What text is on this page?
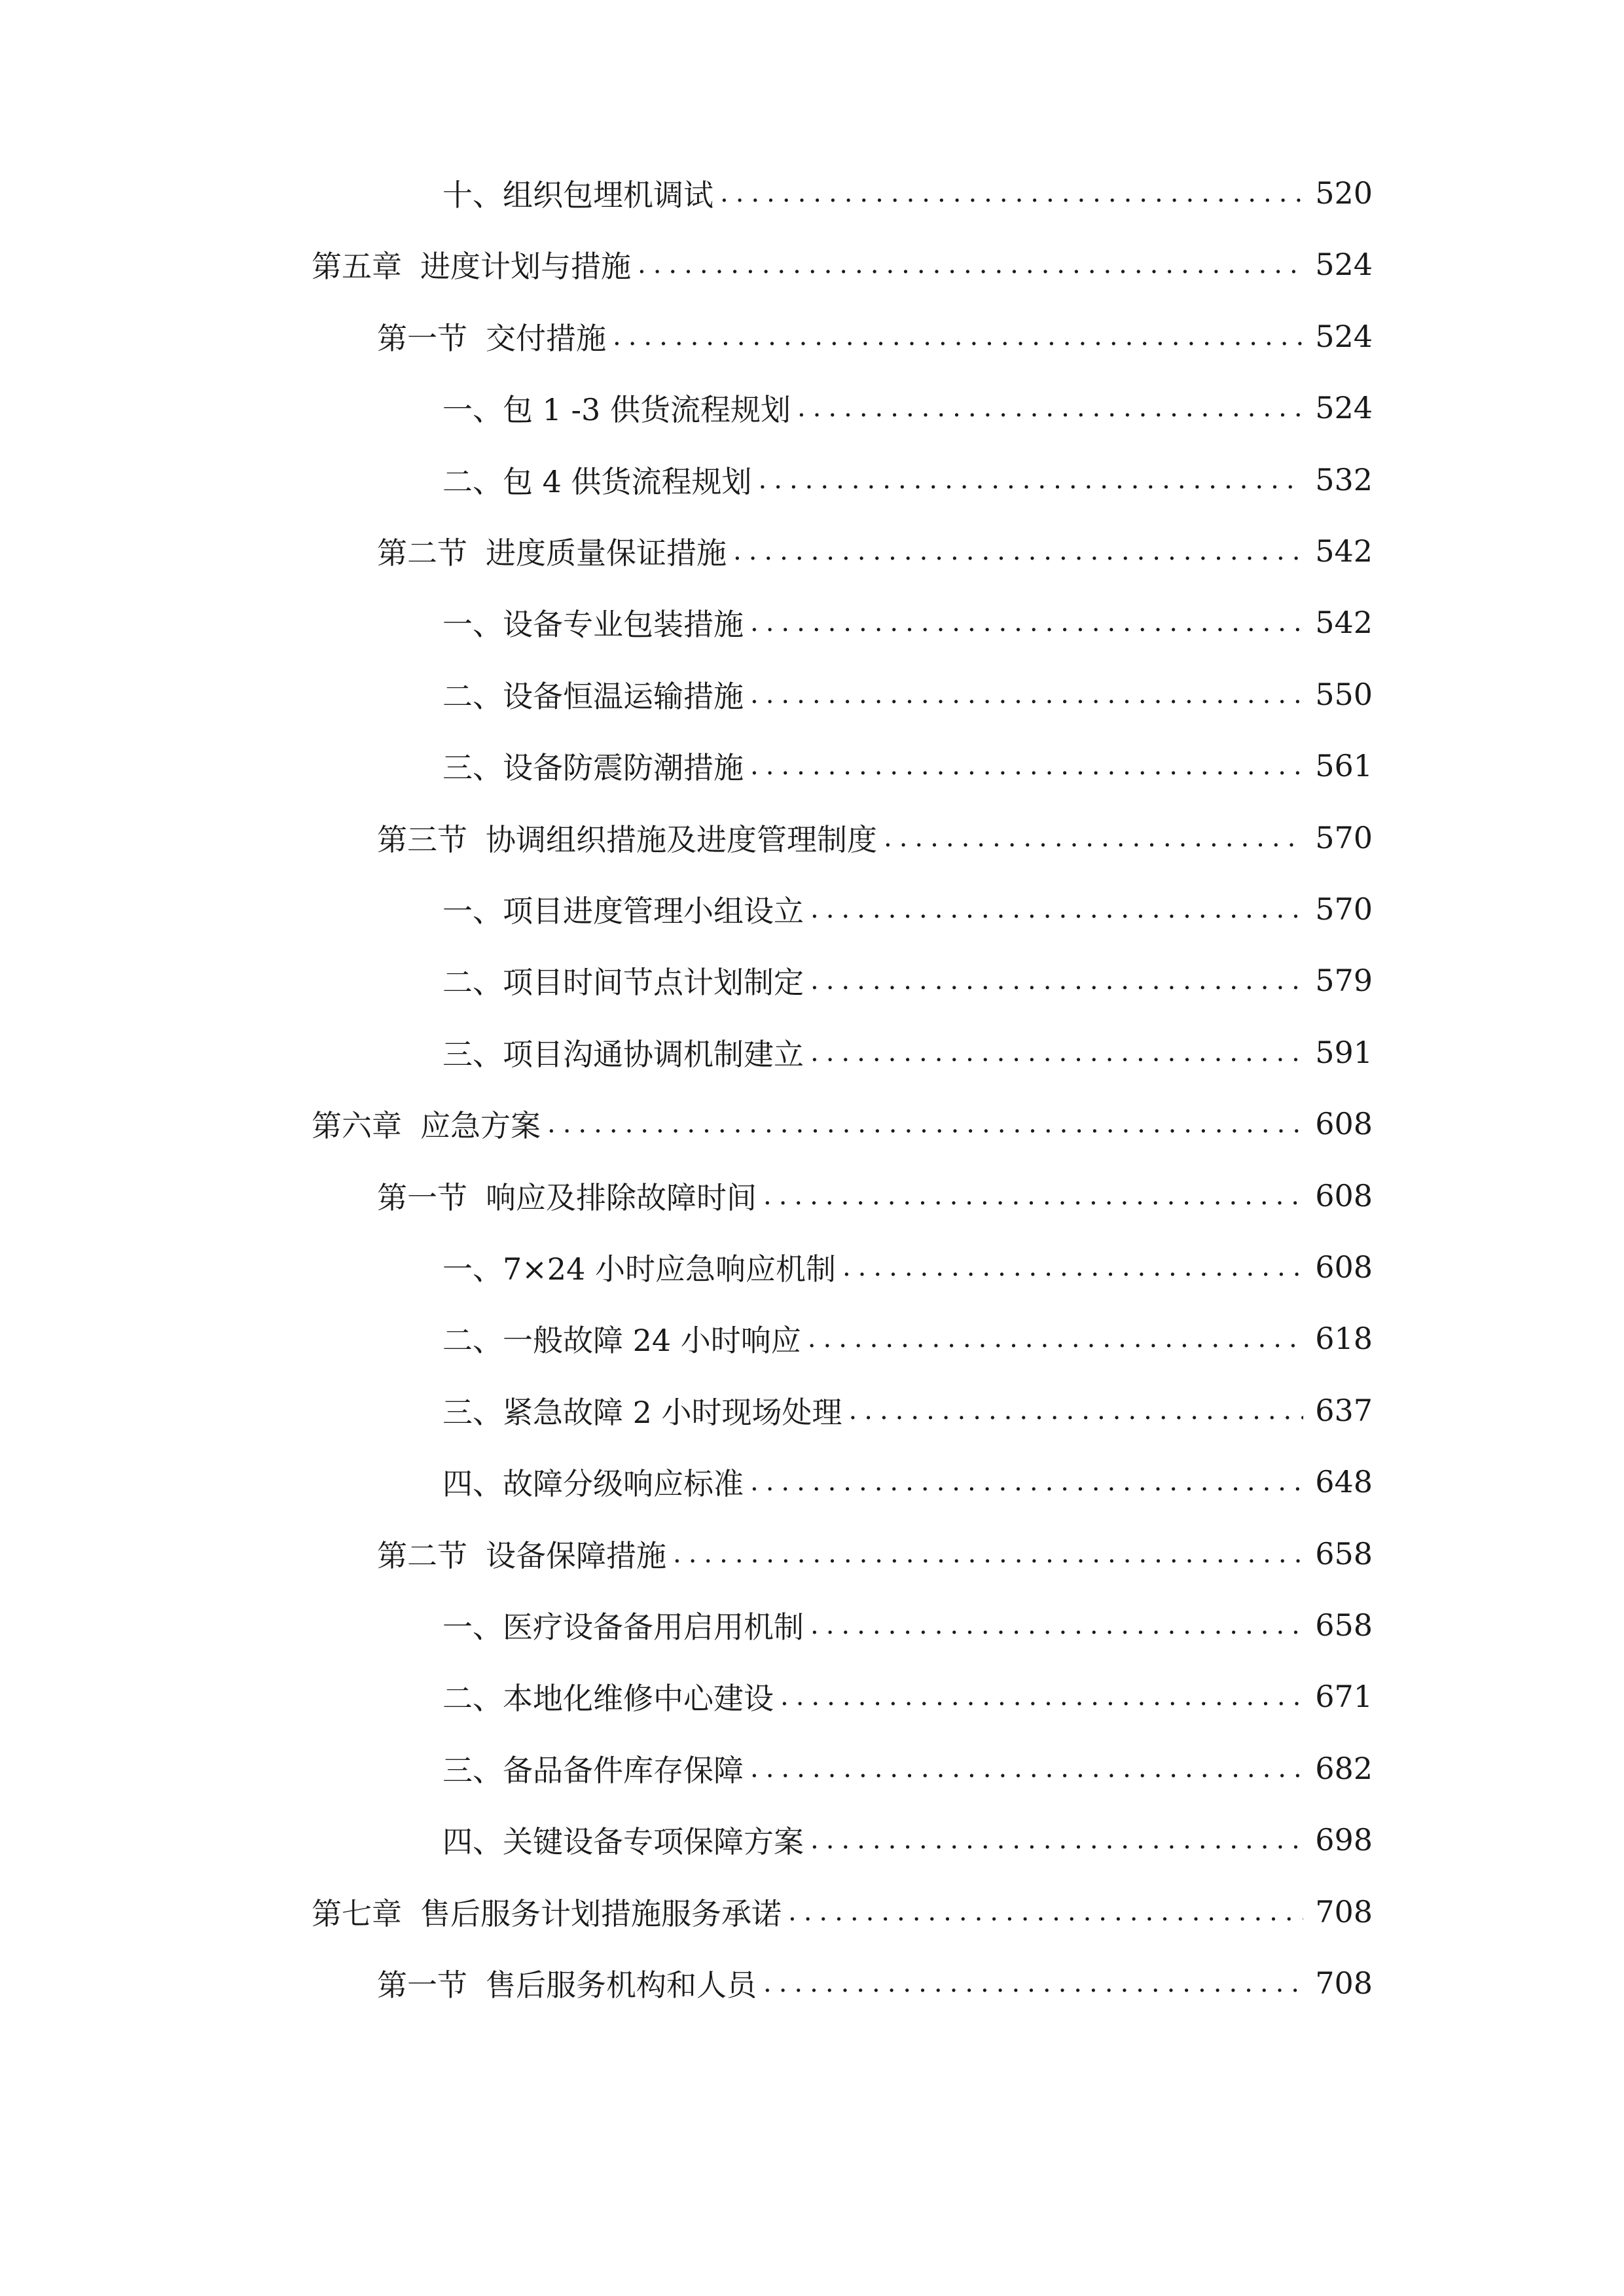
十、 组织包埋机调试 .....	520
第五章 进度计划与措施 .....	524
第一节 交付措施 .....	524
一、 包 1 -3 供货流程规划 .....	524
二、 包 4 供货流程规划 .....	532
第二节 进度质量保证措施 .....	542
一、 设备专业包装措施 .....	542
二、 设备恒温运输措施 .....	550
三、 设备防震防潮措施 .....	561
第三节 协调组织措施及进度管理制度 .....	570
一、 项目进度管理小组设立 .....	570
二、 项目时间节点计划制定 .....	579
三、 项目沟通协调机制建立 .....	591
第六章 应急方案 .....	608
第一节 响应及排除故障时间 .....	608
一、 7×24 小时应急响应机制 .....	608
二、 一般故障 24 小时响应 .....	618
三、 紧急故障 2 小时现场处理 .....	637
四、 故障分级响应标准 .....	648
第二节 设备保障措施 .....	658
一、 医疗设备备用启用机制 .....	658
二、 本地化维修中心建设 .....	671
三、 备品备件库存保障 .....	682
四、 关键设备专项保障方案 .....	698
第七章 售后服务计划措施服务承诺 .....	708
第一节 售后服务机构和人员 .....	708
